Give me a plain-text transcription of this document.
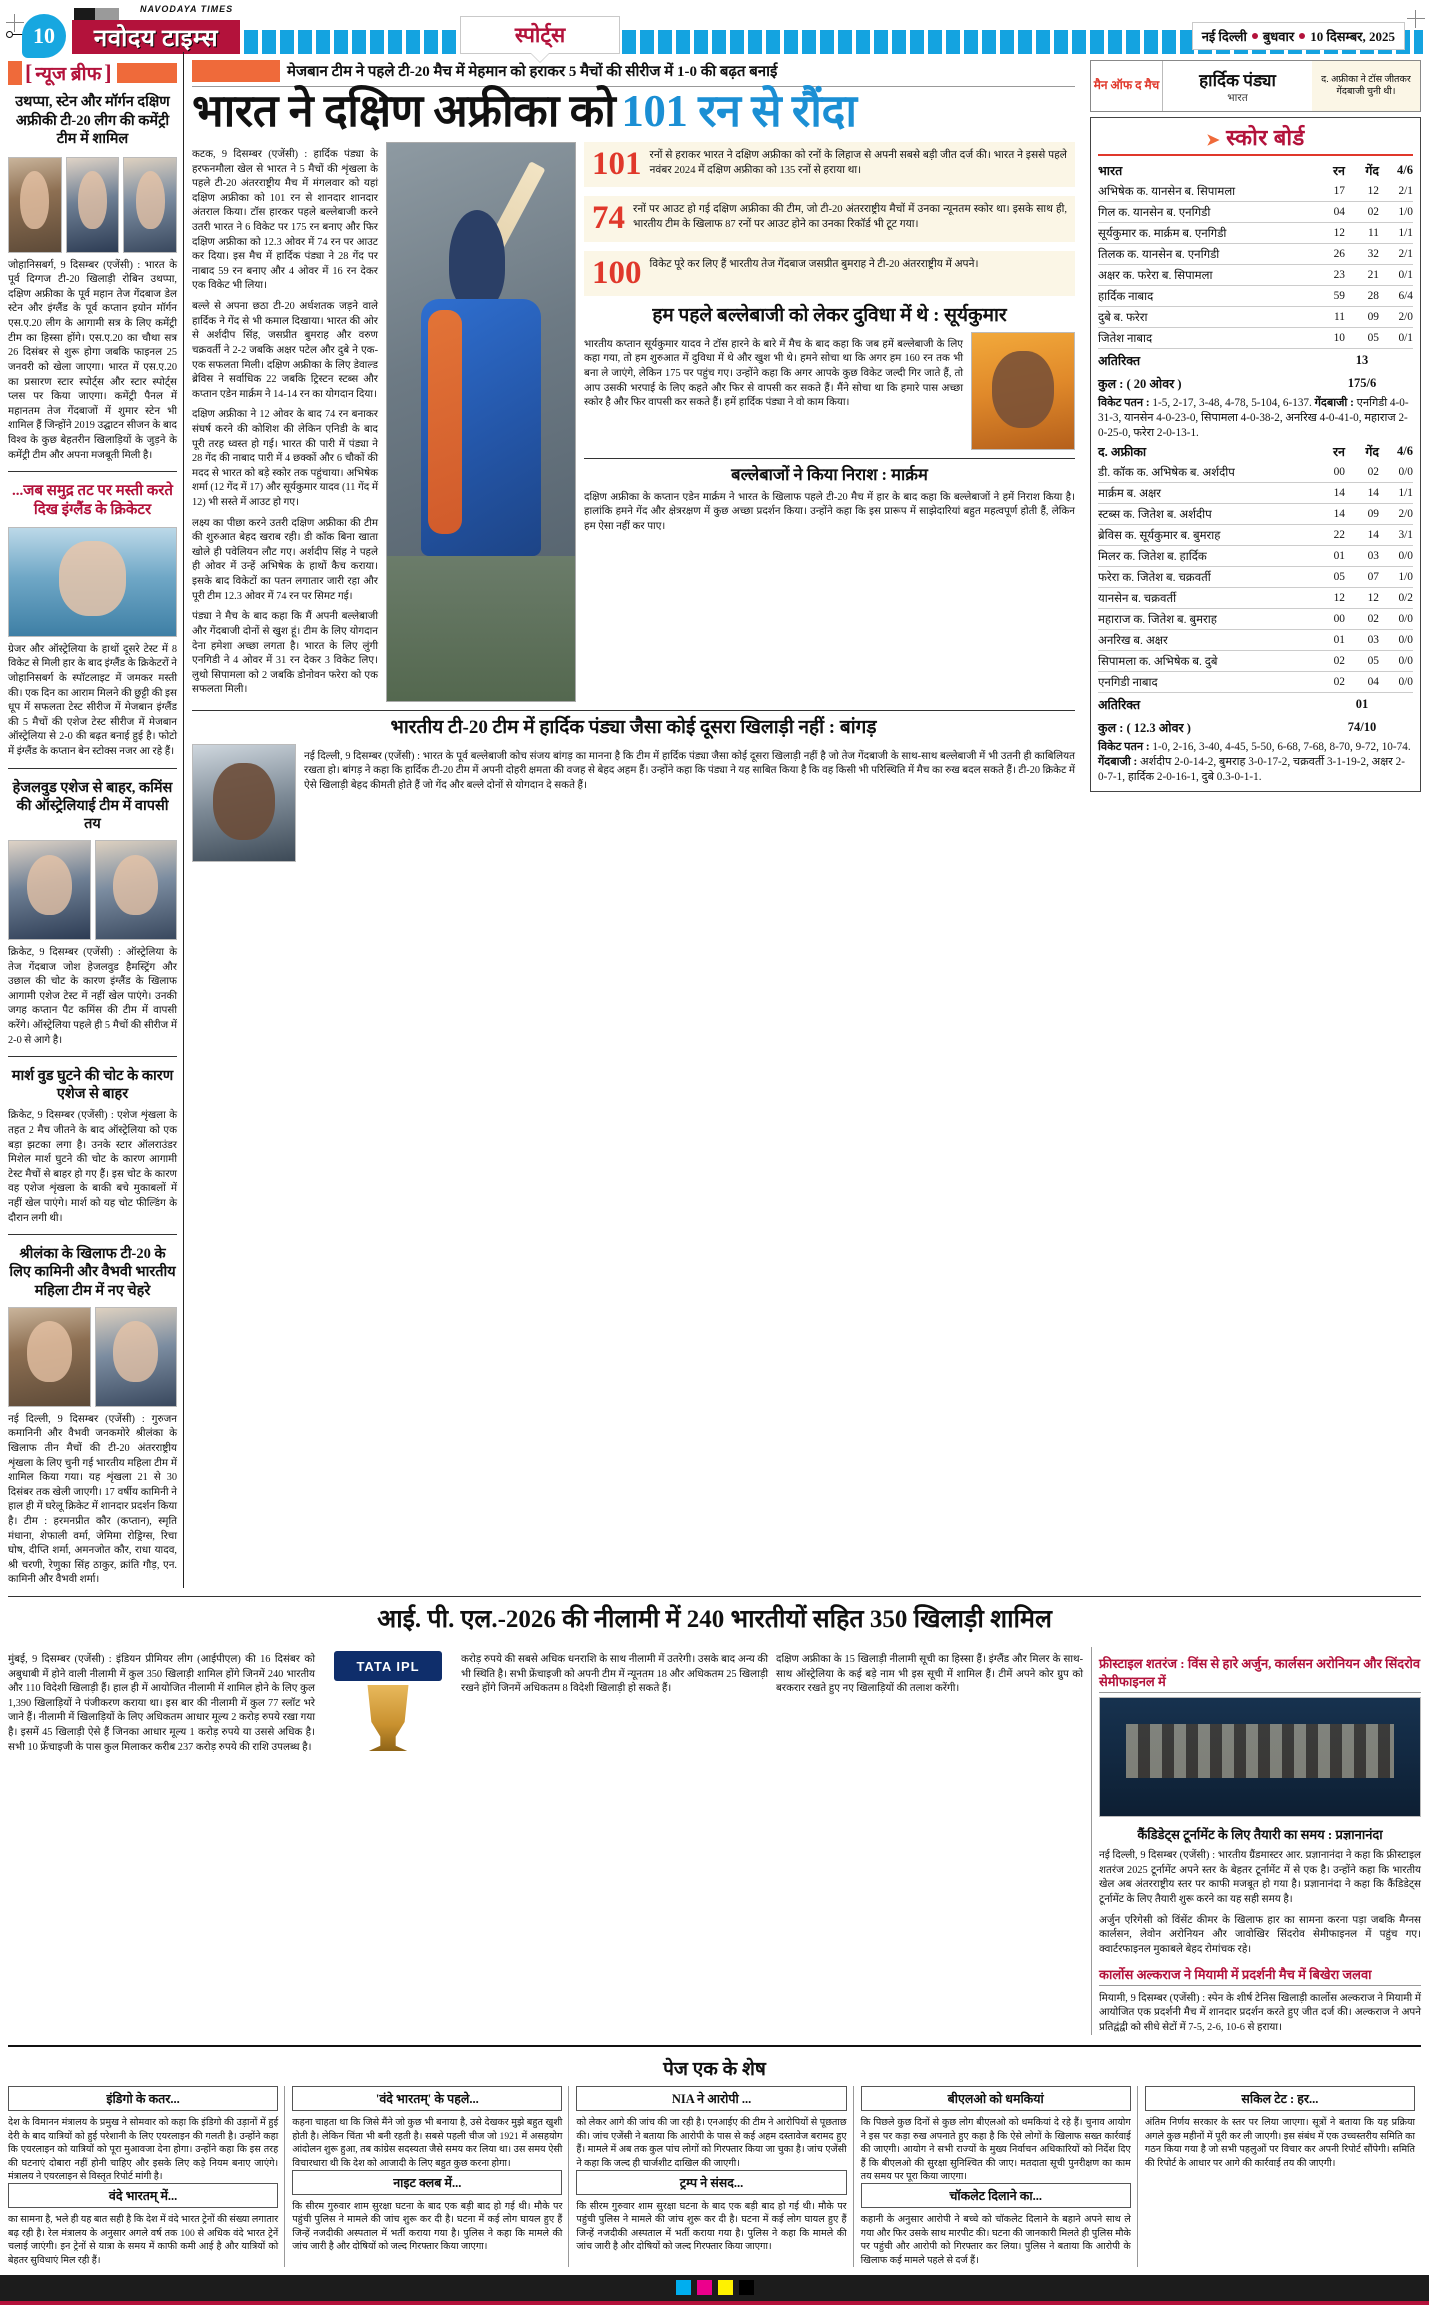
10
NAVODAYA TIMES
नवोदय टाइम्स	स्पोर्ट्स	नई दिल्ली बुधवार 10 दिसम्बर, 2025
[ न्यूज ब्रीफ ]
उथप्पा, स्टेन और मॉर्गन दक्षिण अफ्रीकी टी-20 लीग की कमेंट्री टीम में शामिल
जोहानिसबर्ग, 9 दिसम्बर (एजेंसी) : भारत के पूर्व दिग्गज टी-20 खिलाड़ी रोबिन उथप्पा, दक्षिण अफ्रीका के पूर्व महान तेज गेंदबाज डेल स्टेन और इंग्लैंड के पूर्व कप्तान इयोन मॉर्गन एस.ए.20 लीग के आगामी सत्र के लिए कमेंट्री टीम का हिस्सा होंगे। एस.ए.20 का चौथा सत्र 26 दिसंबर से शुरू होगा जबकि फाइनल 25 जनवरी को खेला जाएगा। भारत में एस.ए.20 का प्रसारण स्टार स्पोर्ट्स और स्टार स्पोर्ट्स प्लस पर किया जाएगा। कमेंट्री पैनल में महानतम तेज गेंदबाजों में शुमार स्टेन भी शामिल हैं जिन्होंने 2019 उद्घाटन सीजन के बाद विश्व के कुछ बेहतरीन खिलाड़ियों के जुड़ने के कमेंट्री टीम और अपना मजबूती मिली है।
...जब समुद्र तट पर मस्ती करते दिख इंग्लैंड के क्रिकेटर
ग्रेजर और ऑस्ट्रेलिया के हाथों दूसरे टेस्ट में 8 विकेट से मिली हार के बाद इंग्लैंड के क्रिकेटरों ने जोहानिसबर्ग के स्पॉटलाइट में जमकर मस्ती की। एक दिन का आराम मिलने की छुट्टी की इस धूप में सफलता टेस्ट सीरीज में मेजबान इंग्लैंड की 5 मैचों की एशेज टेस्ट सीरीज में मेजबान ऑस्ट्रेलिया से 2-0 की बढ़त बनाई हुई है। फोटो में इंग्लैंड के कप्तान बेन स्टोक्स नजर आ रहे हैं।
हेजलवुड एशेज से बाहर, कमिंस की ऑस्ट्रेलियाई टीम में वापसी तय
क्रिकेट, 9 दिसम्बर (एजेंसी) : ऑस्ट्रेलिया के तेज गेंदबाज जोश हेजलवुड हैमस्ट्रिंग और उछाल की चोट के कारण इंग्लैंड के खिलाफ आगामी एशेज टेस्ट में नहीं खेल पाएंगे। उनकी जगह कप्तान पैट कमिंस की टीम में वापसी करेंगे। ऑस्ट्रेलिया पहले ही 5 मैचों की सीरीज में 2-0 से आगे है।
मार्श वुड घुटने की चोट के कारण एशेज से बाहर
क्रिकेट, 9 दिसम्बर (एजेंसी) : एशेज शृंखला के तहत 2 मैच जीतने के बाद ऑस्ट्रेलिया को एक बड़ा झटका लगा है। उनके स्टार ऑलराउंडर मिशेल मार्श घुटने की चोट के कारण आगामी टेस्ट मैचों से बाहर हो गए हैं। इस चोट के कारण वह एशेज शृंखला के बाकी बचे मुकाबलों में नहीं खेल पाएंगे। मार्श को यह चोट फील्डिंग के दौरान लगी थी।
श्रीलंका के खिलाफ टी-20 के लिए कामिनी और वैभवी भारतीय महिला टीम में नए चेहरे
नई दिल्ली, 9 दिसम्बर (एजेंसी) : गुरुजन कमानिनी और वैभवी जनकमोरे श्रीलंका के खिलाफ तीन मैचों की टी-20 अंतरराष्ट्रीय शृंखला के लिए चुनी गई भारतीय महिला टीम में शामिल किया गया। यह शृंखला 21 से 30 दिसंबर तक खेली जाएगी। 17 वर्षीय कामिनी ने हाल ही में घरेलू क्रिकेट में शानदार प्रदर्शन किया है। टीम : हरमनप्रीत कौर (कप्तान), स्मृति मंधाना, शेफाली वर्मा, जेमिमा रोड्रिग्स, रिचा घोष, दीप्ति शर्मा, अमनजोत कौर, राधा यादव, श्री चरणी, रेणुका सिंह ठाकुर, क्रांति गौड़, एन. कामिनी और वैभवी शर्मा।
मेजबान टीम ने पहले टी-20 मैच में मेहमान को हराकर 5 मैचों की सीरीज में 1-0 की बढ़त बनाई
भारत ने दक्षिण अफ्रीका को 101 रन से रौंदा
कटक, 9 दिसम्बर (एजेंसी) : हार्दिक पंड्या के हरफनमौला खेल से भारत ने 5 मैचों की शृंखला के पहले टी-20 अंतरराष्ट्रीय मैच में मंगलवार को यहां दक्षिण अफ्रीका को 101 रन से शानदार शानदार अंतराल किया। टॉस हारकर पहले बल्लेबाजी करने उतरी भारत ने 6 विकेट पर 175 रन बनाए और फिर दक्षिण अफ्रीका को 12.3 ओवर में 74 रन पर आउट कर दिया। इस मैच में हार्दिक पंड्या ने 28 गेंद पर नाबाद 59 रन बनाए और 4 ओवर में 16 रन देकर एक विकेट भी लिया।
बल्ले से अपना छठा टी-20 अर्धशतक जड़ने वाले हार्दिक ने गेंद से भी कमाल दिखाया। भारत की ओर से अर्शदीप सिंह, जसप्रीत बुमराह और वरुण चक्रवर्ती ने 2-2 जबकि अक्षर पटेल और दुबे ने एक-एक सफलता मिली। दक्षिण अफ्रीका के लिए डेवाल्ड ब्रेविस ने सर्वाधिक 22 जबकि ट्रिस्टन स्टब्स और कप्तान एडेन मार्क्रम ने 14-14 रन का योगदान दिया।
दक्षिण अफ्रीका ने 12 ओवर के बाद 74 रन बनाकर संघर्ष करने की कोशिश की लेकिन एनिडी के बाद पूरी तरह ध्वस्त हो गई। भारत की पारी में पंड्या ने 28 गेंद की नाबाद पारी में 4 छक्कों और 6 चौकों की मदद से भारत को बड़े स्कोर तक पहुंचाया। अभिषेक शर्मा (12 गेंद में 17) और सूर्यकुमार यादव (11 गेंद में 12) भी सस्ते में आउट हो गए।
लक्ष्य का पीछा करने उतरी दक्षिण अफ्रीका की टीम की शुरुआत बेहद खराब रही। डी कॉक बिना खाता खोले ही पवेलियन लौट गए। अर्शदीप सिंह ने पहले ही ओवर में उन्हें अभिषेक के हाथों कैच कराया। इसके बाद विकेटों का पतन लगातार जारी रहा और पूरी टीम 12.3 ओवर में 74 रन पर सिमट गई।
पंड्या ने मैच के बाद कहा कि मैं अपनी बल्लेबाजी और गेंदबाजी दोनों से खुश हूं। टीम के लिए योगदान देना हमेशा अच्छा लगता है। भारत के लिए लुंगी एनगिडी ने 4 ओवर में 31 रन देकर 3 विकेट लिए। लुथो सिपामला को 2 जबकि डोनोवन फरेरा को एक सफलता मिली।
101 रनों से हराकर भारत ने दक्षिण अफ्रीका को रनों के लिहाज से अपनी सबसे बड़ी जीत दर्ज की। भारत ने इससे पहले नवंबर 2024 में दक्षिण अफ्रीका को 135 रनों से हराया था।
74 रनों पर आउट हो गई दक्षिण अफ्रीका की टीम, जो टी-20 अंतरराष्ट्रीय मैचों में उनका न्यूनतम स्कोर था। इसके साथ ही, भारतीय टीम के खिलाफ 87 रनों पर आउट होने का उनका रिकॉर्ड भी टूट गया।
100 विकेट पूरे कर लिए हैं भारतीय तेज गेंदबाज जसप्रीत बुमराह ने टी-20 अंतरराष्ट्रीय में अपने।
हम पहले बल्लेबाजी को लेकर दुविधा में थे : सूर्यकुमार
भारतीय कप्तान सूर्यकुमार यादव ने टॉस हारने के बारे में मैच के बाद कहा कि जब हमें बल्लेबाजी के लिए कहा गया, तो हम शुरुआत में दुविधा में थे और खुश भी थे। हमने सोचा था कि अगर हम 160 रन तक भी बना ले जाएंगे, लेकिन 175 पर पहुंच गए। उन्होंने कहा कि अगर आपके कुछ विकेट जल्दी गिर जाते हैं, तो आप उसकी भरपाई के लिए कहते और फिर से वापसी कर सकते हैं। मैंने सोचा था कि हमारे पास अच्छा स्कोर है और फिर वापसी कर सकते हैं। हमें हार्दिक पंड्या ने वो काम किया।
बल्लेबाजों ने किया निराश : मार्क्रम
दक्षिण अफ्रीका के कप्तान एडेन मार्क्रम ने भारत के खिलाफ पहले टी-20 मैच में हार के बाद कहा कि बल्लेबाजों ने हमें निराश किया है। हालांकि हमने गेंद और क्षेत्ररक्षण में कुछ अच्छा प्रदर्शन किया। उन्होंने कहा कि इस प्रारूप में साझेदारियां बहुत महत्वपूर्ण होती हैं, लेकिन हम ऐसा नहीं कर पाए।
भारतीय टी-20 टीम में हार्दिक पंड्या जैसा कोई दूसरा खिलाड़ी नहीं : बांगड़
नई दिल्ली, 9 दिसम्बर (एजेंसी) : भारत के पूर्व बल्लेबाजी कोच संजय बांगड़ का मानना है कि टीम में हार्दिक पंड्या जैसा कोई दूसरा खिलाड़ी नहीं है जो तेज गेंदबाजी के साथ-साथ बल्लेबाजी में भी उतनी ही काबिलियत रखता हो। बांगड़ ने कहा कि हार्दिक टी-20 टीम में अपनी दोहरी क्षमता की वजह से बेहद अहम हैं। उन्होंने कहा कि पंड्या ने यह साबित किया है कि वह किसी भी परिस्थिति में मैच का रुख बदल सकते हैं। टी-20 क्रिकेट में ऐसे खिलाड़ी बेहद कीमती होते हैं जो गेंद और बल्ले दोनों से योगदान दे सकते हैं।
मैन ऑफ द मैच हार्दिक पंड्या
भारत
द. अफ्रीका ने टॉस जीतकर गेंदबाजी चुनी थी।
➤ स्कोर बोर्ड
भारत	रन	गेंद	4/6
अभिषेक क. यानसेन ब. सिपामला	17	12	2/1
गिल क. यानसेन ब. एनगिडी	04	02	1/0
सूर्यकुमार क. मार्क्रम ब. एनगिडी	12	11	1/1
तिलक क. यानसेन ब. एनगिडी	26	32	2/1
अक्षर क. फरेरा ब. सिपामला	23	21	0/1
हार्दिक नाबाद	59	28	6/4
दुबे ब. फरेरा	11	09	2/0
जितेश नाबाद	10	05	0/1
अतिरिक्त	13		
कुल : ( 20 ओवर )	175/6		
विकेट पतन : 1-5, 2-17, 3-48, 4-78, 5-104, 6-137. गेंदबाजी : एनगिडी 4-0-31-3, यानसेन 4-0-23-0, सिपामला 4-0-38-2, अनरिख 4-0-41-0, महाराज 2-0-25-0, फरेरा 2-0-13-1.
द. अफ्रीका	रन	गेंद	4/6
डी. कॉक क. अभिषेक ब. अर्शदीप	00	02	0/0
मार्क्रम ब. अक्षर	14	14	1/1
स्टब्स क. जितेश ब. अर्शदीप	14	09	2/0
ब्रेविस क. सूर्यकुमार ब. बुमराह	22	14	3/1
मिलर क. जितेश ब. हार्दिक	01	03	0/0
फरेरा क. जितेश ब. चक्रवर्ती	05	07	1/0
यानसेन ब. चक्रवर्ती	12	12	0/2
महाराज क. जितेश ब. बुमराह	00	02	0/0
अनरिख ब. अक्षर	01	03	0/0
सिपामला क. अभिषेक ब. दुबे	02	05	0/0
एनगिडी नाबाद	02	04	0/0
अतिरिक्त	01		
कुल : ( 12.3 ओवर )	74/10		
विकेट पतन : 1-0, 2-16, 3-40, 4-45, 5-50, 6-68, 7-68, 8-70, 9-72, 10-74. गेंदबाजी : अर्शदीप 2-0-14-2, बुमराह 3-0-17-2, चक्रवर्ती 3-1-19-2, अक्षर 2-0-7-1, हार्दिक 2-0-16-1, दुबे 0.3-0-1-1.
आई. पी. एल.-2026 की नीलामी में 240 भारतीयों सहित 350 खिलाड़ी शामिल
मुंबई, 9 दिसम्बर (एजेंसी) : इंडियन प्रीमियर लीग (आईपीएल) की 16 दिसंबर को अबुधाबी में होने वाली नीलामी में कुल 350 खिलाड़ी शामिल होंगे जिनमें 240 भारतीय और 110 विदेशी खिलाड़ी हैं। हाल ही में आयोजित नीलामी में शामिल होने के लिए कुल 1,390 खिलाड़ियों ने पंजीकरण कराया था। इस बार की नीलामी में कुल 77 स्लॉट भरे जाने हैं। नीलामी में खिलाड़ियों के लिए अधिकतम आधार मूल्य 2 करोड़ रुपये रखा गया है। इसमें 45 खिलाड़ी ऐसे हैं जिनका आधार मूल्य 1 करोड़ रुपये या उससे अधिक है। सभी 10 फ्रेंचाइजी के पास कुल मिलाकर करीब 237 करोड़ रुपये की राशि उपलब्ध है।
TATA IPL	करोड़ रुपये की सबसे अधिक धनराशि के साथ नीलामी में उतरेगी। उसके बाद अन्य की भी स्थिति है। सभी फ्रेंचाइजी को अपनी टीम में न्यूनतम 18 और अधिकतम 25 खिलाड़ी रखने होंगे जिनमें अधिकतम 8 विदेशी खिलाड़ी हो सकते हैं।
दक्षिण अफ्रीका के 15 खिलाड़ी नीलामी सूची का हिस्सा हैं। इंग्लैंड और मिलर के साथ-साथ ऑस्ट्रेलिया के कई बड़े नाम भी इस सूची में शामिल हैं। टीमें अपने कोर ग्रुप को बरकरार रखते हुए नए खिलाड़ियों की तलाश करेंगी।
फ्रीस्टाइल शतरंज : विंस से हारे अर्जुन, कार्लसन अरोनियन और सिंदरोव सेमीफाइनल में
कैंडिडेट्स टूर्नामेंट के लिए तैयारी का समय : प्रज्ञानानंदा
नई दिल्ली, 9 दिसम्बर (एजेंसी) : भारतीय ग्रैंडमास्टर आर. प्रज्ञानानंदा ने कहा कि फ्रीस्टाइल शतरंज 2025 टूर्नामेंट अपने स्तर के बेहतर टूर्नामेंट में से एक है। उन्होंने कहा कि भारतीय खेल अब अंतरराष्ट्रीय स्तर पर काफी मजबूत हो गया है। प्रज्ञानानंदा ने कहा कि कैंडिडेट्स टूर्नामेंट के लिए तैयारी शुरू करने का यह सही समय है।
अर्जुन एरिगेसी को विंसेंट कीमर के खिलाफ हार का सामना करना पड़ा जबकि मैग्नस कार्लसन, लेवोन अरोनियन और जावोखिर सिंदरोव सेमीफाइनल में पहुंच गए। क्वार्टरफाइनल मुकाबले बेहद रोमांचक रहे।
कार्लोस अल्कराज ने मियामी में प्रदर्शनी मैच में बिखेरा जलवा
मियामी, 9 दिसम्बर (एजेंसी) : स्पेन के शीर्ष टेनिस खिलाड़ी कार्लोस अल्कराज ने मियामी में आयोजित एक प्रदर्शनी मैच में शानदार प्रदर्शन करते हुए जीत दर्ज की। अल्कराज ने अपने प्रतिद्वंद्वी को सीधे सेटों में 7-5, 2-6, 10-6 से हराया।
पेज एक के शेष
इंडिगो के कतर...
देश के विमानन मंत्रालय के प्रमुख ने सोमवार को कहा कि इंडिगो की उड़ानों में हुई देरी के बाद यात्रियों को हुई परेशानी के लिए एयरलाइन की गलती है। उन्होंने कहा कि एयरलाइन को यात्रियों को पूरा मुआवजा देना होगा। उन्होंने कहा कि इस तरह की घटनाएं दोबारा नहीं होनी चाहिए और इसके लिए कड़े नियम बनाए जाएंगे। मंत्रालय ने एयरलाइन से विस्तृत रिपोर्ट मांगी है।
वंदे भारतम् में...
का सामना है, भले ही यह बात सही है कि देश में वंदे भारत ट्रेनों की संख्या लगातार बढ़ रही है। रेल मंत्रालय के अनुसार अगले वर्ष तक 100 से अधिक वंदे भारत ट्रेनें चलाई जाएंगी। इन ट्रेनों से यात्रा के समय में काफी कमी आई है और यात्रियों को बेहतर सुविधाएं मिल रही हैं।
'वंदे भारतम्' के पहले...
कहना चाहता था कि जिसे मैंने जो कुछ भी बनाया है, उसे देखकर मुझे बहुत खुशी होती है। लेकिन चिंता भी बनी रहती है। सबसे पहली चीज जो 1921 में असहयोग आंदोलन शुरू हुआ, तब कांग्रेस सदस्यता जैसे समय कर लिया था। उस समय ऐसी विचारधारा थी कि देश को आजादी के लिए बहुत कुछ करना होगा।
नाइट क्लब में...
कि सीरम गुरुवार शाम सुरक्षा घटना के बाद एक बड़ी बाद हो गई थी। मौके पर पहुंची पुलिस ने मामले की जांच शुरू कर दी है। घटना में कई लोग घायल हुए हैं जिन्हें नजदीकी अस्पताल में भर्ती कराया गया है। पुलिस ने कहा कि मामले की जांच जारी है और दोषियों को जल्द गिरफ्तार किया जाएगा।
NIA ने आरोपी ...
को लेकर आगे की जांच की जा रही है। एनआईए की टीम ने आरोपियों से पूछताछ की। जांच एजेंसी ने बताया कि आरोपी के पास से कई अहम दस्तावेज बरामद हुए हैं। मामले में अब तक कुल पांच लोगों को गिरफ्तार किया जा चुका है। जांच एजेंसी ने कहा कि जल्द ही चार्जशीट दाखिल की जाएगी।
ट्रम्प ने संसद...
कि सीरम गुरुवार शाम सुरक्षा घटना के बाद एक बड़ी बाद हो गई थी। मौके पर पहुंची पुलिस ने मामले की जांच शुरू कर दी है। घटना में कई लोग घायल हुए हैं जिन्हें नजदीकी अस्पताल में भर्ती कराया गया है। पुलिस ने कहा कि मामले की जांच जारी है और दोषियों को जल्द गिरफ्तार किया जाएगा।
बीएलओ को धमकियां
कि पिछले कुछ दिनों से कुछ लोग बीएलओ को धमकियां दे रहे हैं। चुनाव आयोग ने इस पर कड़ा रुख अपनाते हुए कहा है कि ऐसे लोगों के खिलाफ सख्त कार्रवाई की जाएगी। आयोग ने सभी राज्यों के मुख्य निर्वाचन अधिकारियों को निर्देश दिए हैं कि बीएलओ की सुरक्षा सुनिश्चित की जाए। मतदाता सूची पुनरीक्षण का काम तय समय पर पूरा किया जाएगा।
चॉकलेट दिलाने का...
कहानी के अनुसार आरोपी ने बच्चे को चॉकलेट दिलाने के बहाने अपने साथ ले गया और फिर उसके साथ मारपीट की। घटना की जानकारी मिलते ही पुलिस मौके पर पहुंची और आरोपी को गिरफ्तार कर लिया। पुलिस ने बताया कि आरोपी के खिलाफ कई मामले पहले से दर्ज हैं।
सकिल टेट : हर...
अंतिम निर्णय सरकार के स्तर पर लिया जाएगा। सूत्रों ने बताया कि यह प्रक्रिया अगले कुछ महीनों में पूरी कर ली जाएगी। इस संबंध में एक उच्चस्तरीय समिति का गठन किया गया है जो सभी पहलुओं पर विचार कर अपनी रिपोर्ट सौंपेगी। समिति की रिपोर्ट के आधार पर आगे की कार्रवाई तय की जाएगी।
